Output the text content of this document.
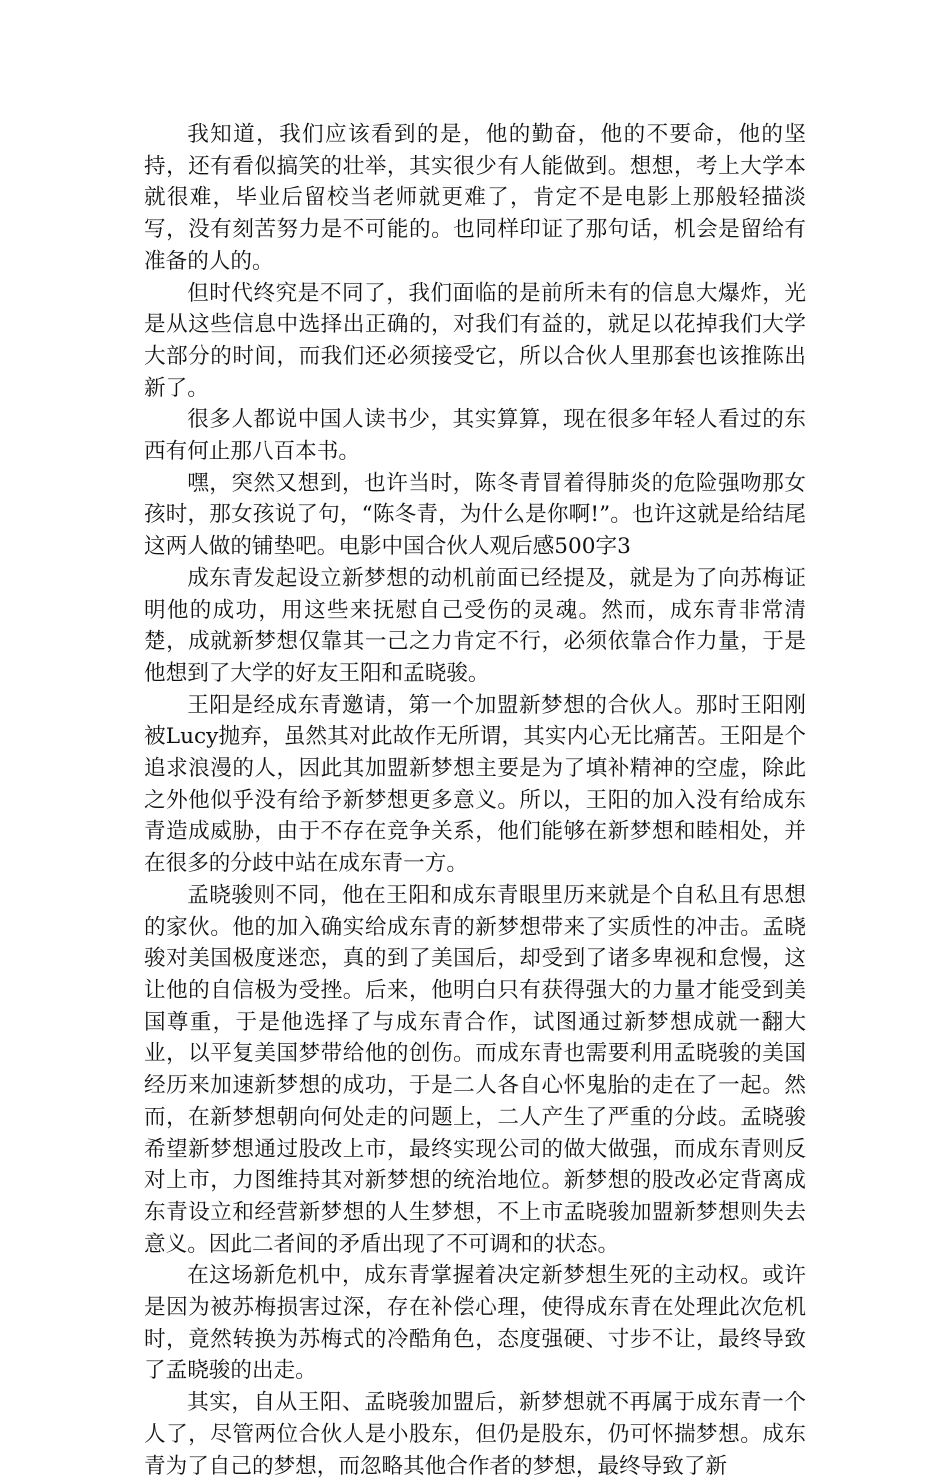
我知道，我们应该看到的是，他的勤奋，他的不要命，他的坚持，还有看似搞笑的壮举，其实很少有人能做到。想想，考上大学本就很难，毕业后留校当老师就更难了，肯定不是电影上那般轻描淡写，没有刻苦努力是不可能的。也同样印证了那句话，机会是留给有准备的人的。

但时代终究是不同了，我们面临的是前所未有的信息大爆炸，光是从这些信息中选择出正确的，对我们有益的，就足以花掉我们大学大部分的时间，而我们还必须接受它，所以合伙人里那套也该推陈出新了。

很多人都说中国人读书少，其实算算，现在很多年轻人看过的东西有何止那八百本书。

嘿，突然又想到，也许当时，陈冬青冒着得肺炎的危险强吻那女孩时，那女孩说了句，“陈冬青，为什么是你啊!”。也许这就是给结尾这两人做的铺垫吧。电影中国合伙人观后感500字3

成东青发起设立新梦想的动机前面已经提及，就是为了向苏梅证明他的成功，用这些来抚慰自己受伤的灵魂。然而，成东青非常清楚，成就新梦想仅靠其一己之力肯定不行，必须依靠合作力量，于是他想到了大学的好友王阳和孟晓骏。

王阳是经成东青邀请，第一个加盟新梦想的合伙人。那时王阳刚被Lucy抛弃，虽然其对此故作无所谓，其实内心无比痛苦。王阳是个追求浪漫的人，因此其加盟新梦想主要是为了填补精神的空虚，除此之外他似乎没有给予新梦想更多意义。所以，王阳的加入没有给成东青造成威胁，由于不存在竞争关系，他们能够在新梦想和睦相处，并在很多的分歧中站在成东青一方。

孟晓骏则不同，他在王阳和成东青眼里历来就是个自私且有思想的家伙。他的加入确实给成东青的新梦想带来了实质性的冲击。孟晓骏对美国极度迷恋，真的到了美国后，却受到了诸多卑视和怠慢，这让他的自信极为受挫。后来，他明白只有获得强大的力量才能受到美国尊重，于是他选择了与成东青合作，试图通过新梦想成就一翻大业，以平复美国梦带给他的创伤。而成东青也需要利用孟晓骏的美国经历来加速新梦想的成功，于是二人各自心怀鬼胎的走在了一起。然而，在新梦想朝向何处走的问题上，二人产生了严重的分歧。孟晓骏希望新梦想通过股改上市，最终实现公司的做大做强，而成东青则反对上市，力图维持其对新梦想的统治地位。新梦想的股改必定背离成东青设立和经营新梦想的人生梦想，不上市孟晓骏加盟新梦想则失去意义。因此二者间的矛盾出现了不可调和的状态。

在这场新危机中，成东青掌握着决定新梦想生死的主动权。或许是因为被苏梅损害过深，存在补偿心理，使得成东青在处理此次危机时，竟然转换为苏梅式的冷酷角色，态度强硬、寸步不让，最终导致了孟晓骏的出走。

其实，自从王阳、孟晓骏加盟后，新梦想就不再属于成东青一个人了，尽管两位合伙人是小股东，但仍是股东，仍可怀揣梦想。成东青为了自己的梦想，而忽略其他合作者的梦想，最终导致了新
